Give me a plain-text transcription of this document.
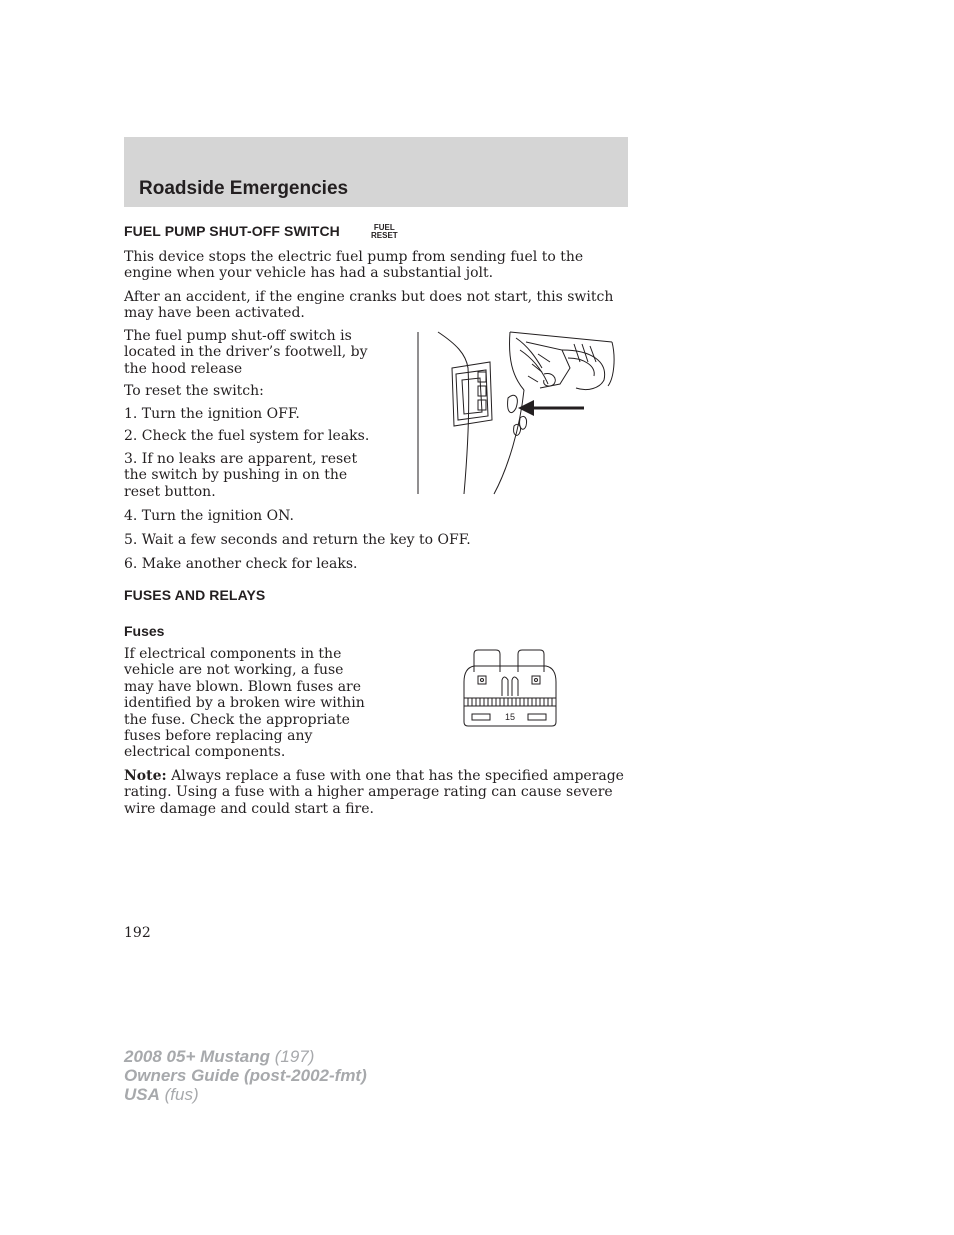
Roadside Emergencies
FUEL PUMP SHUT-OFF SWITCH	FUEL
RESET
This device stops the electric fuel pump from sending fuel to the engine when your vehicle has had a substantial jolt.
After an accident, if the engine cranks but does not start, this switch may have been activated.
The fuel pump shut-off switch is located in the driver’s footwell, by the hood release
To reset the switch:
1. Turn the ignition OFF.
2. Check the fuel system for leaks.
3. If no leaks are apparent, reset the switch by pushing in on the reset button.
4. Turn the ignition ON.
5. Wait a few seconds and return the key to OFF.
6. Make another check for leaks.
FUSES AND RELAYS
Fuses
If electrical components in the vehicle are not working, a fuse may have blown. Blown fuses are identified by a broken wire within the fuse. Check the appropriate fuses before replacing any electrical components.
15
Note: Always replace a fuse with one that has the specified amperage rating. Using a fuse with a higher amperage rating can cause severe wire damage and could start a fire.
192
2008 05+ Mustang (197)
Owners Guide (post-2002-fmt)
USA (fus)
